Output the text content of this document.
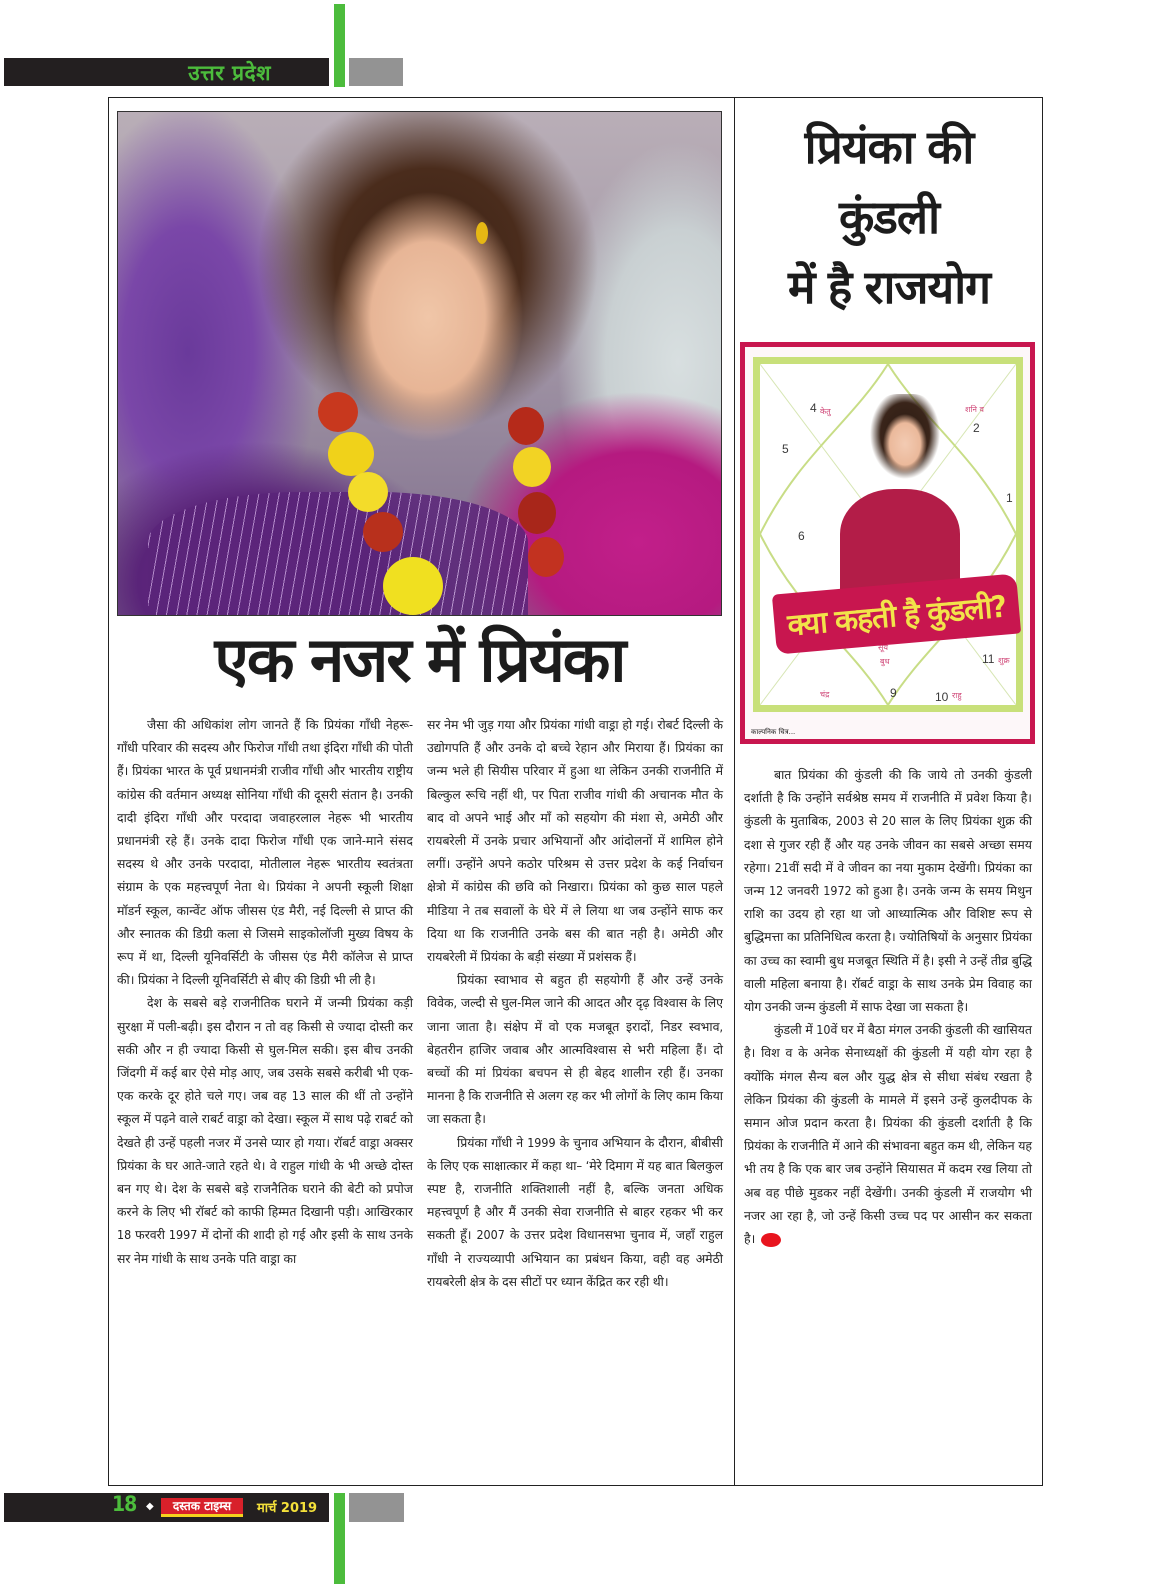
उत्तर प्रदेश
प्रियंका की
कुंडली
में है राजयोग
4 केतु
2
शनि व
5
1
6
सूर्य
बुध	11 शुक्र
चंद्र	9	10 राहु
क्या कहती है कुंडली?
काल्पनिक चित्र...
एक नजर में प्रियंका

जैसा की अधिकांश लोग जानते हैं कि प्रियंका गाँधी नेहरू-गाँधी परिवार की सदस्य और फिरोज गाँधी तथा इंदिरा गाँधी की पोती हैं। प्रियंका भारत के पूर्व प्रधानमंत्री राजीव गाँधी और भारतीय राष्ट्रीय कांग्रेस की वर्तमान अध्यक्ष सोनिया गाँधी की दूसरी संतान है। उनकी दादी इंदिरा गाँधी और परदादा जवाहरलाल नेहरू भी भारतीय प्रधानमंत्री रहे हैं। उनके दादा फिरोज गाँधी एक जाने-माने संसद सदस्य थे और उनके परदादा, मोतीलाल नेहरू भारतीय स्वतंत्रता संग्राम के एक महत्त्वपूर्ण नेता थे। प्रियंका ने अपनी स्कूली शिक्षा मॉडर्न स्कूल, कान्वेंट ऑफ जीसस एंड मैरी, नई दिल्ली से प्राप्त की और स्नातक की डिग्री कला से जिसमे साइकोलॉजी मुख्य विषय के रूप में था, दिल्ली यूनिवर्सिटी के जीसस एंड मैरी कॉलेज से प्राप्त की। प्रियंका ने दिल्ली यूनिवर्सिटी से बीए की डिग्री भी ली है।

देश के सबसे बड़े राजनीतिक घराने में जन्मी प्रियंका कड़ी सुरक्षा में पली-बढ़ी। इस दौरान न तो वह किसी से ज्यादा दोस्ती कर सकी और न ही ज्यादा किसी से घुल-मिल सकी। इस बीच उनकी जिंदगी में कई बार ऐसे मोड़ आए, जब उसके सबसे करीबी भी एक-एक करके दूर होते चले गए। जब वह 13 साल की थीं तो उन्होंने स्कूल में पढ़ने वाले राबर्ट वाड्रा को देखा। स्कूल में साथ पढ़े राबर्ट को देखते ही उन्हें पहली नजर में उनसे प्यार हो गया। रॉबर्ट वाड्रा अक्सर प्रियंका के घर आते-जाते रहते थे। वे राहुल गांधी के भी अच्छे दोस्त बन गए थे। देश के सबसे बड़े राजनैतिक घराने की बेटी को प्रपोज करने के लिए भी रॉबर्ट को काफी हिम्मत दिखानी पड़ी। आखिरकार 18 फरवरी 1997 में दोनों की शादी हो गई और इसी के साथ उनके सर नेम गांधी के साथ उनके पति वाड्रा का

सर नेम भी जुड़ गया और प्रियंका गांधी वाड्रा हो गई। रोबर्ट दिल्ली के उद्योगपति हैं और उनके दो बच्चे रेहान और मिराया हैं। प्रियंका का जन्म भले ही सियीस परिवार में हुआ था लेकिन उनकी राजनीति में बिल्कुल रूचि नहीं थी, पर पिता राजीव गांधी की अचानक मौत के बाद वो अपने भाई और माँ को सहयोग की मंशा से, अमेठी और रायबरेली में उनके प्रचार अभियानों और आंदोलनों में शामिल होने लगीं। उन्होंने अपने कठोर परिश्रम से उत्तर प्रदेश के कई निर्वाचन क्षेत्रो में कांग्रेस की छवि को निखारा। प्रियंका को कुछ साल पहले मीडिया ने तब सवालों के घेरे में ले लिया था जब उन्होंने साफ कर दिया था कि राजनीति उनके बस की बात नही है। अमेठी और रायबरेली में प्रियंका के बड़ी संख्या में प्रशंसक हैं।

प्रियंका स्वाभाव से बहुत ही सहयोगी हैं और उन्हें उनके विवेक, जल्दी से घुल-मिल जाने की आदत और दृढ़ विश्वास के लिए जाना जाता है। संक्षेप में वो एक मजबूत इरादों, निडर स्वभाव, बेहतरीन हाजिर जवाब और आत्मविश्वास से भरी महिला हैं। दो बच्चों की मां प्रियंका बचपन से ही बेहद शालीन रही हैं। उनका मानना है कि राजनीति से अलग रह कर भी लोगों के लिए काम किया जा सकता है।

प्रियंका गाँधी ने 1999 के चुनाव अभियान के दौरान, बीबीसी के लिए एक साक्षात्कार में कहा था– ‘मेरे दिमाग में यह बात बिलकुल स्पष्ट है, राजनीति शक्तिशाली नहीं है, बल्कि जनता अधिक महत्त्वपूर्ण है और मैं उनकी सेवा राजनीति से बाहर रहकर भी कर सकती हूँ। 2007 के उत्तर प्रदेश विधानसभा चुनाव में, जहाँ राहुल गाँधी ने राज्यव्यापी अभियान का प्रबंधन किया, वही वह अमेठी रायबरेली क्षेत्र के दस सीटों पर ध्यान केंद्रित कर रही थी।

बात प्रियंका की कुंडली की कि जाये तो उनकी कुंडली दर्शाती है कि उन्होंने सर्वश्रेष्ठ समय में राजनीति में प्रवेश किया है। कुंडली के मुताबिक, 2003 से 20 साल के लिए प्रियंका शुक्र की दशा से गुजर रही हैं और यह उनके जीवन का सबसे अच्छा समय रहेगा। 21वीं सदी में वे जीवन का नया मुकाम देखेंगी। प्रियंका का जन्म 12 जनवरी 1972 को हुआ है। उनके जन्म के समय मिथुन राशि का उदय हो रहा था जो आध्यात्मिक और विशिष्ट रूप से बुद्धिमत्ता का प्रतिनिधित्व करता है। ज्योतिषियों के अनुसार प्रियंका का उच्च का स्वामी बुध मजबूत स्थिति में है। इसी ने उन्हें तीव्र बुद्धि वाली महिला बनाया है। रॉबर्ट वाड्रा के साथ उनके प्रेम विवाह का योग उनकी जन्म कुंडली में साफ देखा जा सकता है।

कुंडली में 10वें घर में बैठा मंगल उनकी कुंडली की खासियत है। विश व के अनेक सेनाध्यक्षों की कुंडली में यही योग रहा है क्योंकि मंगल सैन्य बल और युद्ध क्षेत्र से सीधा संबंध रखता है लेकिन प्रियंका की कुंडली के मामले में इसने उन्हें कुलदीपक के समान ओज प्रदान करता है। प्रियंका की कुंडली दर्शाती है कि प्रियंका के राजनीति में आने की संभावना बहुत कम थी, लेकिन यह भी तय है कि एक बार जब उन्होंने सियासत में कदम रख लिया तो अब वह पीछे मुडकर नहीं देखेंगी। उनकी कुंडली में राजयोग भी नजर आ रहा है, जो उन्हें किसी उच्च पद पर आसीन कर सकता है।

18 ◆	दस्तक टाइम्स	मार्च 2019
